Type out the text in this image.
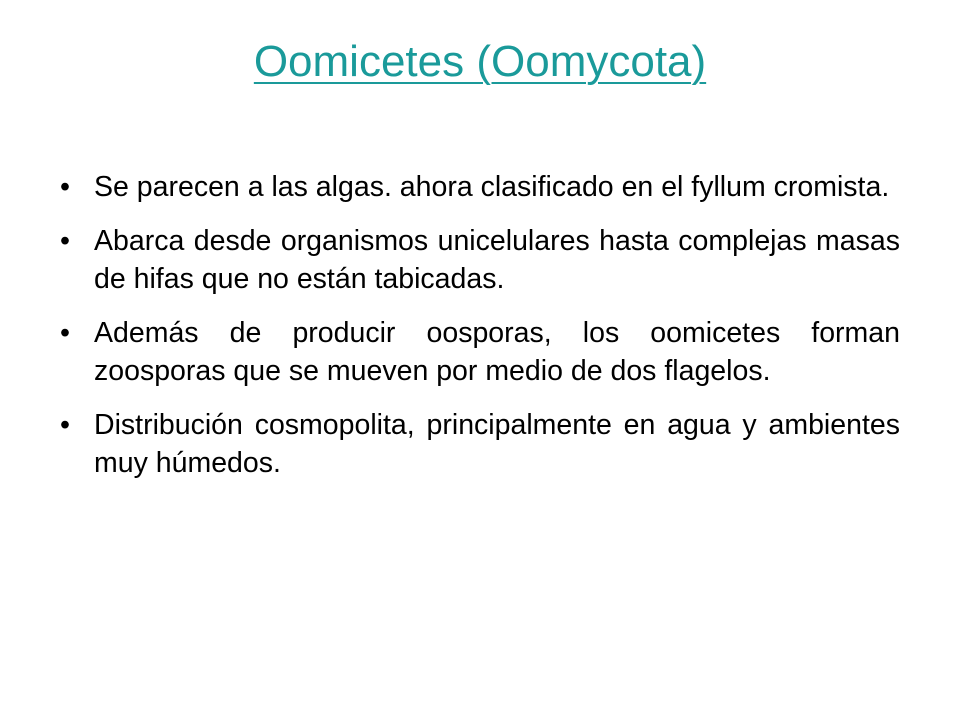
Oomicetes (Oomycota)
• Se parecen a las algas. ahora clasificado en el fyllum cromista.
• Abarca desde organismos unicelulares hasta complejas masas de hifas que no están tabicadas.
• Además de producir oosporas, los oomicetes forman zoosporas que se mueven por medio de dos flagelos.
• Distribución cosmopolita, principalmente en agua y ambientes muy húmedos.
